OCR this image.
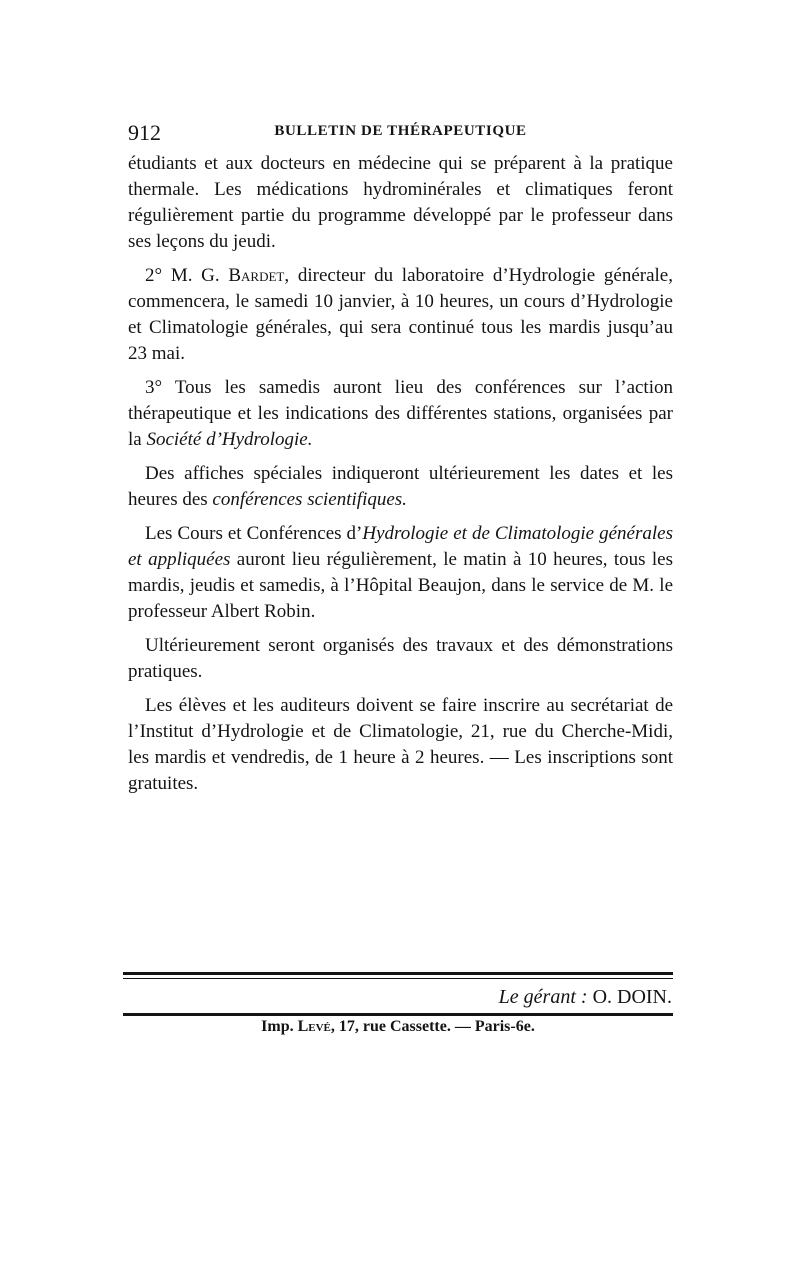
912	BULLETIN DE THÉRAPEUTIQUE

étudiants et aux docteurs en médecine qui se préparent à la pratique thermale. Les médications hydrominérales et climatiques feront régulièrement partie du programme développé par le professeur dans ses leçons du jeudi.

2° M. G. Bardet, directeur du laboratoire d’Hydrologie générale, commencera, le samedi 10 janvier, à 10 heures, un cours d’Hydrologie et Climatologie générales, qui sera continué tous les mardis jusqu’au 23 mai.

3° Tous les samedis auront lieu des conférences sur l’action thérapeutique et les indications des différentes stations, organisées par la Société d’Hydrologie.

Des affiches spéciales indiqueront ultérieurement les dates et les heures des conférences scientifiques.

Les Cours et Conférences d’Hydrologie et de Climatologie générales et appliquées auront lieu régulièrement, le matin à 10 heures, tous les mardis, jeudis et samedis, à l’Hôpital Beaujon, dans le service de M. le professeur Albert Robin.

Ultérieurement seront organisés des travaux et des démonstrations pratiques.

Les élèves et les auditeurs doivent se faire inscrire au secrétariat de l’Institut d’Hydrologie et de Climatologie, 21, rue du Cherche-Midi, les mardis et vendredis, de 1 heure à 2 heures. — Les inscriptions sont gratuites.

Le gérant : O. DOIN.
Imp. Levé, 17, rue Cassette. — Paris-6e.
